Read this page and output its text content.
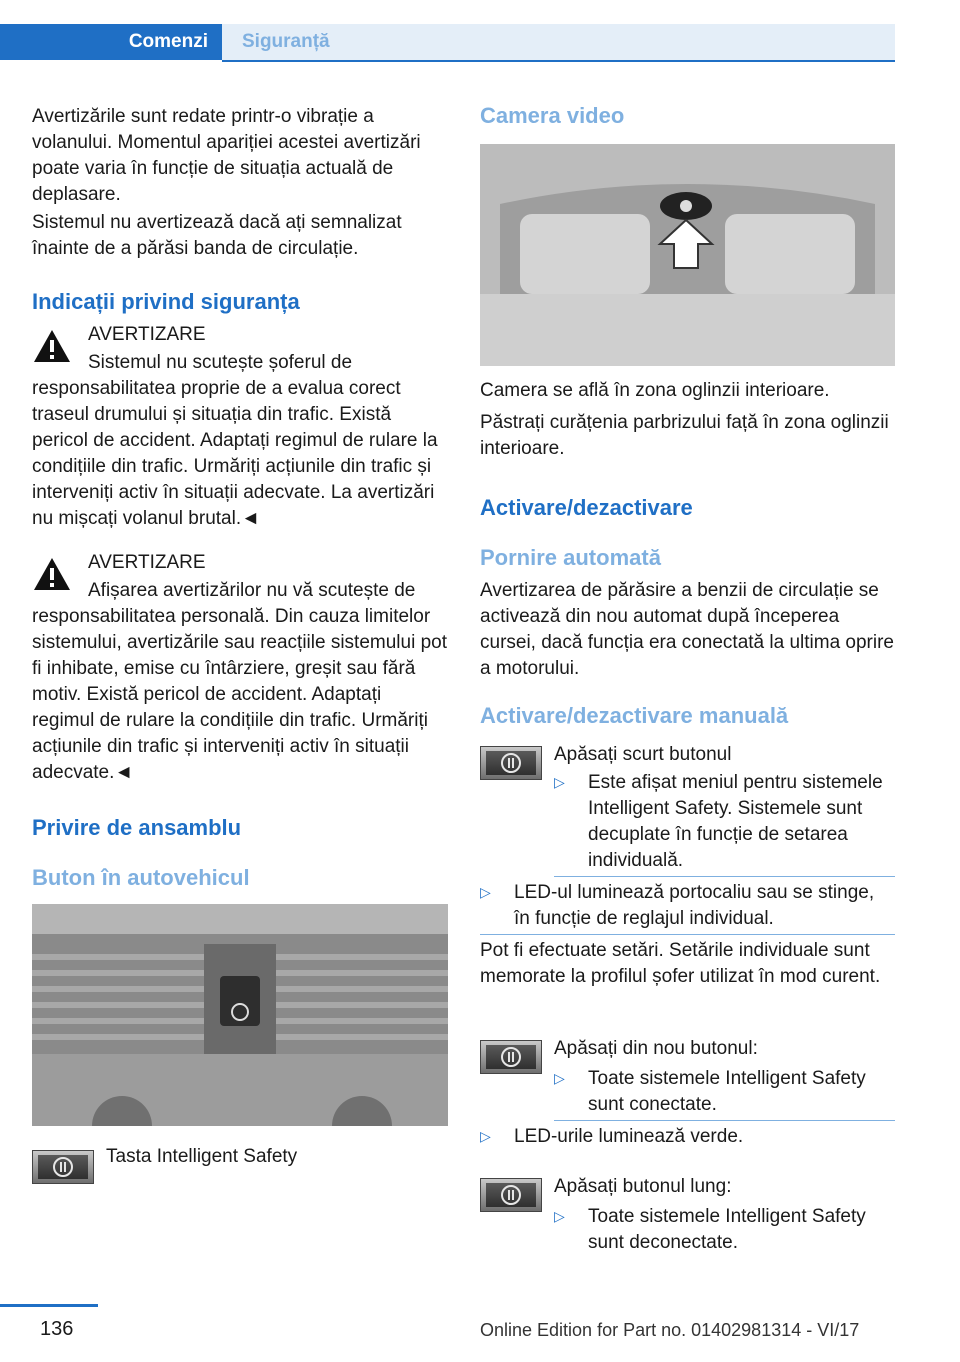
Comenzi	Siguranță

Avertizările sunt redate printr-o vibrație a volanului. Momentul apariției acestei avertizări poate varia în funcție de situația actuală de deplasare.

Sistemul nu avertizează dacă ați semnalizat înainte de a părăsi banda de circulație.

Indicații privind siguranța

AVERTIZARE

Sistemul nu scutește șoferul de responsabilitatea proprie de a evalua corect traseul drumului și situația din trafic. Există pericol de accident. Adaptați regimul de rulare la condițiile din trafic. Urmăriți acțiunile din trafic și interveniți activ în situații adecvate. La avertizări nu mișcați volanul brutal.◄

AVERTIZARE

Afișarea avertizărilor nu vă scutește de responsabilitatea personală. Din cauza limitelor sistemului, avertizările sau reacțiile sistemului pot fi inhibate, emise cu întârziere, greșit sau fără motiv. Există pericol de accident. Adaptați regimul de rulare la condițiile din trafic. Urmăriți acțiunile din trafic și interveniți activ în situații adecvate.◄

Privire de ansamblu
Buton în autovehicul

Tasta Intelligent Safety

Camera video

Camera se află în zona oglinzii interioare.

Păstrați curățenia parbrizului față în zona oglinzii interioare.

Activare/dezactivare
Pornire automată

Avertizarea de părăsire a benzii de circulație se activează din nou automat după începerea cursei, dacă funcția era conectată la ultima oprire a motorului.

Activare/dezactivare manuală

Apăsați scurt butonul

▷	Este afișat meniul pentru sistemele Intelligent Safety. Sistemele sunt decuplate în funcție de setarea individuală.

▷	LED-ul luminează portocaliu sau se stinge, în funcție de reglajul individual.

Pot fi efectuate setări. Setările individuale sunt memorate la profilul șofer utilizat în mod curent.

Apăsați din nou butonul:

▷	Toate sistemele Intelligent Safety sunt conectate.

▷	LED-urile luminează verde.

Apăsați butonul lung:

▷	Toate sistemele Intelligent Safety sunt deconectate.

136	Online Edition for Part no. 01402981314 - VI/17
